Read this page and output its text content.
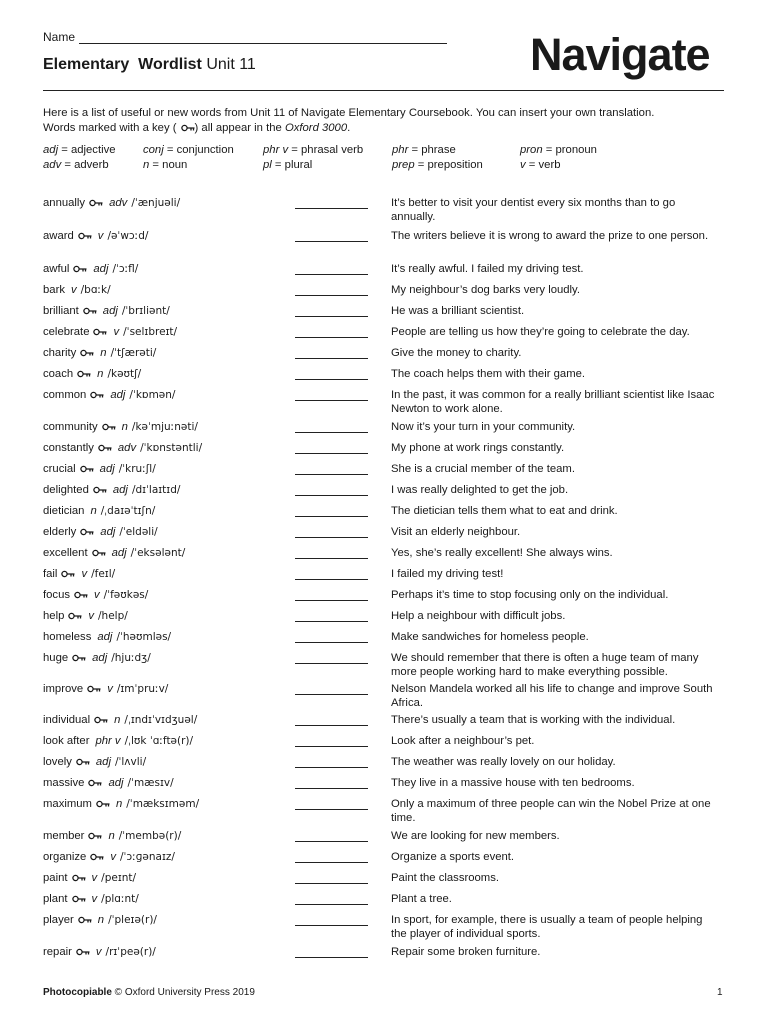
Name
Elementary  Wordlist Unit 11	Navigate
Here is a list of useful or new words from Unit 11 of Navigate Elementary Coursebook. You can insert your own translation.
Words marked with a key ( ) all appear in the Oxford 3000.
adj = adjective conj = conjunction	phr v = phrasal verb	phr = phrase	pron = pronoun
adv = adverb	n = noun	pl = plural	prep = preposition	v = verb
annually adv /ˈænjuəli/	It’s better to visit your dentist every six months than to go annually.
award v /əˈwɔːd/	The writers believe it is wrong to award the prize to one person.
awful adj /ˈɔːfl/	It’s really awful. I failed my driving test.
bark v /bɑːk/	My neighbour’s dog barks very loudly.
brilliant adj /ˈbrɪliənt/	He was a brilliant scientist.
celebrate v /ˈselɪbreɪt/	People are telling us how they’re going to celebrate the day.
charity n /ˈtʃærəti/	Give the money to charity.
coach n /kəʊtʃ/	The coach helps them with their game.
common adj /ˈkɒmən/	In the past, it was common for a really brilliant scientist like Isaac Newton to work alone.
community n /kəˈmjuːnəti/	Now it’s your turn in your community.
constantly adv /ˈkɒnstəntli/	My phone at work rings constantly.
crucial adj /ˈkruːʃl/	She is a crucial member of the team.
delighted adj /dɪˈlaɪtɪd/	I was really delighted to get the job.
dietician n /ˌdaɪəˈtɪʃn/	The dietician tells them what to eat and drink.
elderly adj /ˈeldəli/	Visit an elderly neighbour.
excellent adj /ˈeksələnt/	Yes, she’s really excellent! She always wins.
fail v /feɪl/	I failed my driving test!
focus v /ˈfəʊkəs/	Perhaps it’s time to stop focusing only on the individual.
help v /help/	Help a neighbour with difficult jobs.
homeless adj /ˈhəʊmləs/	Make sandwiches for homeless people.
huge adj /hjuːdʒ/	We should remember that there is often a huge team of many more people working hard to make everything possible.
improve v /ɪmˈpruːv/	Nelson Mandela worked all his life to change and improve South Africa.
individual n /ˌɪndɪˈvɪdʒuəl/	There’s usually a team that is working with the individual.
look after phr v /ˌlʊk ˈɑːftə(r)/	Look after a neighbour’s pet.
lovely adj /ˈlʌvli/	The weather was really lovely on our holiday.
massive adj /ˈmæsɪv/	They live in a massive house with ten bedrooms.
maximum n /ˈmæksɪməm/	Only a maximum of three people can win the Nobel Prize at one time.
member n /ˈmembə(r)/	We are looking for new members.
organize v /ˈɔːɡənaɪz/	Organize a sports event.
paint v /peɪnt/	Paint the classrooms.
plant v /plɑːnt/	Plant a tree.
player n /ˈpleɪə(r)/	In sport, for example, there is usually a team of people helping the player of individual sports.
repair v /rɪˈpeə(r)/	Repair some broken furniture.
Photocopiable © Oxford University Press 2019	1
